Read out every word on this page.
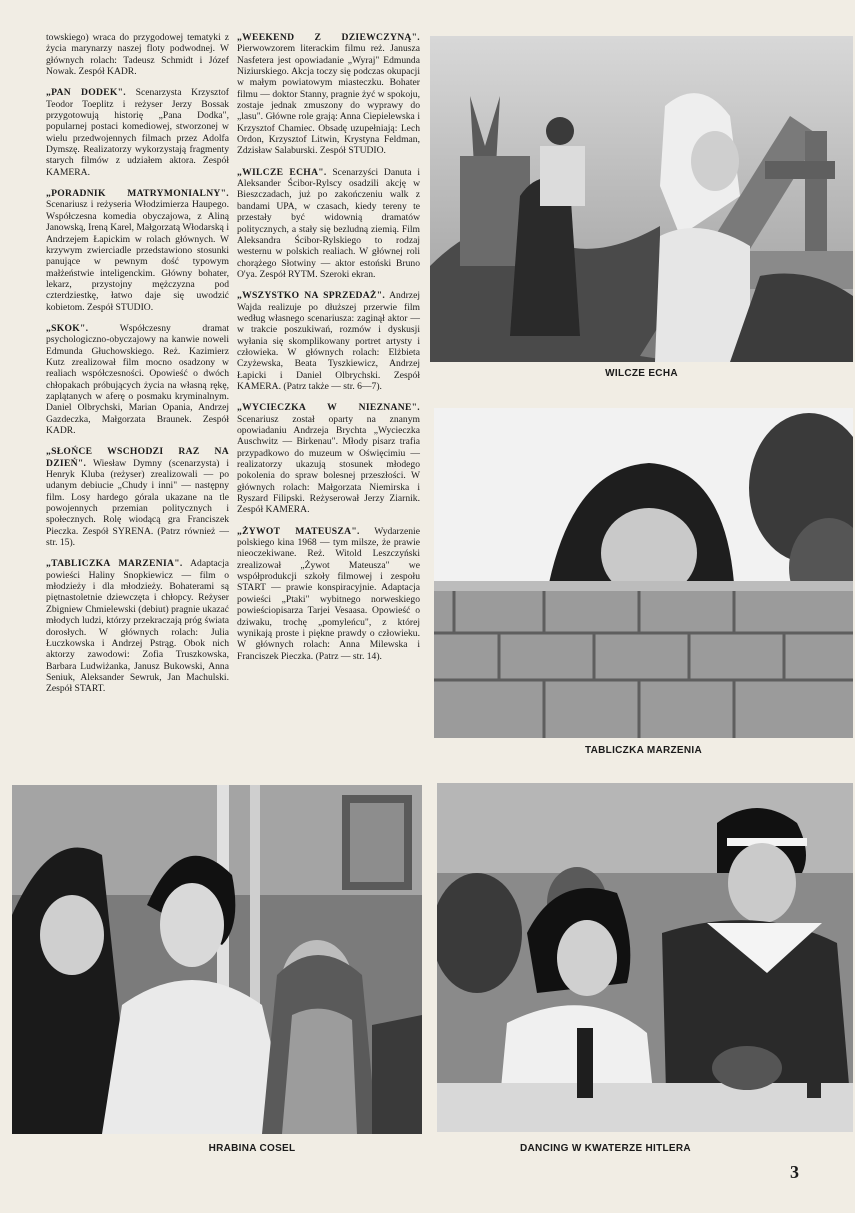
towskiego) wraca do przygodowej tematyki z życia marynarzy naszej floty podwodnej. W głównych rolach: Tadeusz Schmidt i Józef Nowak. Zespół KADR.

„PAN DODEK". Scenarzysta Krzysztof Teodor Toeplitz i reżyser Jerzy Bossak przygotowują historię „Pana Dodka", popularnej postaci komediowej, stworzonej w wielu przedwojennych filmach przez Adolfa Dymszę. Realizatorzy wykorzystają fragmenty starych filmów z udziałem aktora. Zespół KAMERA.

„PORADNIK MATRYMONIALNY". Scenariusz i reżyseria Włodzimierza Haupego. Współczesna komedia obyczajowa, z Aliną Janowską, Ireną Karel, Małgorzatą Włodarską i Andrzejem Łapickim w rolach głównych. W krzywym zwierciadle przedstawiono stosunki panujące w pewnym dość typowym małżeństwie inteligenckim. Główny bohater, lekarz, przystojny mężczyzna pod czterdziestkę, łatwo daje się uwodzić kobietom. Zespół STUDIO.

„SKOK". Współczesny dramat psychologiczno-obyczajowy na kanwie noweli Edmunda Głuchowskiego. Reż. Kazimierz Kutz zrealizował film mocno osadzony w realiach współczesności. Opowieść o dwóch chłopakach próbujących życia na własną rękę, zaplątanych w aferę o posmaku kryminalnym. Daniel Olbrychski, Marian Opania, Andrzej Gazdeczka, Małgorzata Braunek. Zespół KADR.

„SŁOŃCE WSCHODZI RAZ NA DZIEŃ". Wiesław Dymny (scenarzysta) i Henryk Kluba (reżyser) zrealizowali — po udanym debiucie „Chudy i inni" — następny film. Losy hardego górala ukazane na tle powojennych przemian politycznych i społecznych. Rolę wiodącą gra Franciszek Pieczka. Zespół SYRENA. (Patrz również — str. 15).

„TABLICZKA MARZENIA". Adaptacja powieści Haliny Snopkiewicz — film o młodzieży i dla młodzieży. Bohaterami są piętnastoletnie dziewczęta i chłopcy. Reżyser Zbigniew Chmielewski (debiut) pragnie ukazać młodych ludzi, którzy przekraczają próg świata dorosłych. W głównych rolach: Julia Łuczkowska i Andrzej Pstrąg. Obok nich aktorzy zawodowi: Zofia Truszkowska, Barbara Ludwiżanka, Janusz Bukowski, Anna Seniuk, Aleksander Sewruk, Jan Machulski. Zespół START.

„WEEKEND Z DZIEWCZYNĄ". Pierwowzorem literackim filmu reż. Janusza Nasfetera jest opowiadanie „Wyraj" Edmunda Niziurskiego. Akcja toczy się podczas okupacji w małym powiatowym miasteczku. Bohater filmu — doktor Stanny, pragnie żyć w spokoju, zostaje jednak zmuszony do wyprawy do „lasu". Główne role grają: Anna Ciepielewska i Krzysztof Chamiec. Obsadę uzupełniają: Lech Ordon, Krzysztof Litwin, Krystyna Feldman, Zdzisław Salaburski. Zespół STUDIO.

„WILCZE ECHA". Scenarzyści Danuta i Aleksander Ścibor-Rylscy osadzili akcję w Bieszczadach, już po zakończeniu walk z bandami UPA, w czasach, kiedy tereny te przestały być widownią dramatów politycznych, a stały się bezludną ziemią. Film Aleksandra Ścibor-Rylskiego to rodzaj westernu w polskich realiach. W głównej roli chorążego Słotwiny — aktor estoński Bruno O'ya. Zespół RYTM. Szeroki ekran.

„WSZYSTKO NA SPRZEDAŻ". Andrzej Wajda realizuje po dłuższej przerwie film według własnego scenariusza: zaginął aktor — w trakcie poszukiwań, rozmów i dyskusji wyłania się skomplikowany portret artysty i człowieka. W głównych rolach: Elżbieta Czyżewska, Beata Tyszkiewicz, Andrzej Łapicki i Daniel Olbrychski. Zespół KAMERA. (Patrz także — str. 6—7).

„WYCIECZKA W NIEZNANE". Scenariusz został oparty na znanym opowiadaniu Andrzeja Brychta „Wycieczka Auschwitz — Birkenau". Młody pisarz trafia przypadkowo do muzeum w Oświęcimiu — realizatorzy ukazują stosunek młodego pokolenia do spraw bolesnej przeszłości. W głównych rolach: Małgorzata Niemirska i Ryszard Filipski. Reżyserował Jerzy Ziarnik. Zespół KAMERA.

„ŻYWOT MATEUSZA". Wydarzenie polskiego kina 1968 — tym milsze, że prawie nieoczekiwane. Reż. Witold Leszczyński zrealizował „Żywot Mateusza" we współprodukcji szkoły filmowej i zespołu START — prawie konspiracyjnie. Adaptacja powieści „Ptaki" wybitnego norweskiego powieściopisarza Tarjei Vesaasa. Opowieść o dziwaku, trochę „pomyleńcu", z której wynikają proste i piękne prawdy o człowieku. W głównych rolach: Anna Milewska i Franciszek Pieczka. (Patrz — str. 14).

WILCZE ECHA
TABLICZKA MARZENIA
HRABINA COSEL	DANCING W KWATERZE HITLERA
3
